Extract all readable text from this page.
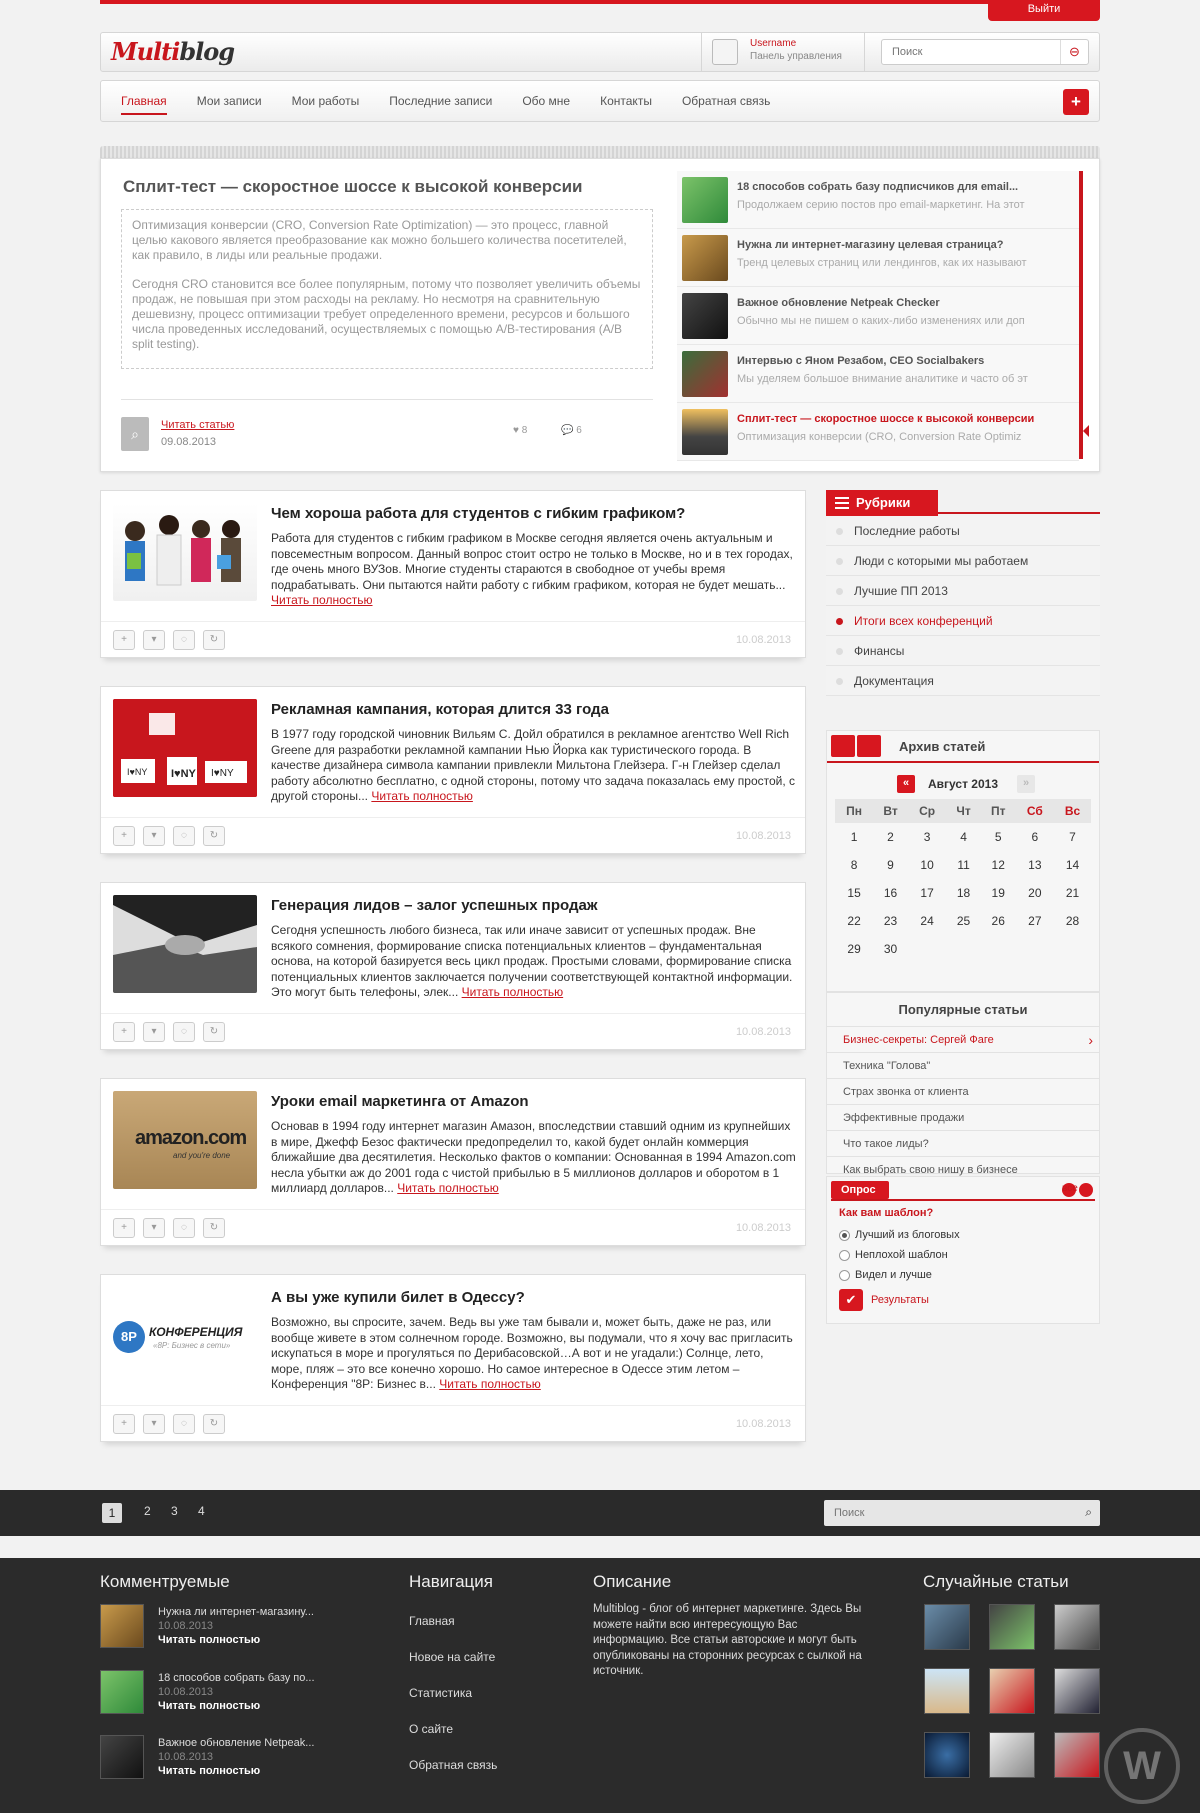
Выйти
Multiblog	Username
Панель управления
Поиск	⊖
Главная	Мои записи	Мои работы	Последние записи	Обо мне	Контакты	Обратная связь	+
Сплит-тест — скоростное шоссе к высокой конверсии

Оптимизация конверсии (CRO, Conversion Rate Optimization) — это процесс, главной целью какового является преобразование как можно большего количества посетителей, как правило, в лиды или реальные продажи.

Сегодня CRO становится все более популярным, потому что позволяет увеличить объемы продаж, не повышая при этом расходы на рекламу. Но несмотря на сравнительную дешевизну, процесс оптимизации требует определенного времени, ресурсов и большого числа проведенных исследований, осуществляемых с помощью A/B-тестирования (A/B split testing).

⌕
Читать статью
09.08.2013
♥ 8	💬 6
18 способов собрать базу подписчиков для email...
Продолжаем серию постов про email-маркетинг. На этот
Нужна ли интернет-магазину целевая страница?
Тренд целевых страниц или лендингов, как их называют
Важное обновление Netpeak Checker
Обычно мы не пишем о каких-либо изменениях или доп
Интервью с Яном Резабом, CEO Socialbakers
Мы уделяем большое внимание аналитике и часто об эт
Сплит-тест — скоростное шоссе к высокой конверсии
Оптимизация конверсии (CRO, Conversion Rate Optimiz
Чем хороша работа для студентов с гибким графиком?
Работа для студентов с гибким графиком в Москве сегодня является очень актуальным и повсеместным вопросом. Данный вопрос стоит остро не только в Москве, но и в тех городах, где очень много ВУЗов. Многие студенты стараются в свободное от учебы время подрабатывать. Они пытаются найти работу с гибким графиком, которая не будет мешать... Читать полностью
+	▾	◌	↻	10.08.2013
I♥NY I♥NY I♥NY
Рекламная кампания, которая длится 33 года
В 1977 году городской чиновник Вильям С. Дойл обратился в рекламное агентство Well Rich Greene для разработки рекламной кампании Нью Йорка как туристического города. В качестве дизайнера символа кампании привлекли Мильтона Глейзера. Г-н Глейзер сделал работу абсолютно бесплатно, с одной стороны, потому что задача показалась ему простой, с другой стороны... Читать полностью
+	▾	◌	↻	10.08.2013
Генерация лидов – залог успешных продаж
Сегодня успешность любого бизнеса, так или иначе зависит от успешных продаж. Вне всякого сомнения, формирование списка потенциальных клиентов – фундаментальная основа, на которой базируется весь цикл продаж. Простыми словами, формирование списка потенциальных клиентов заключается получении соответствующей контактной информации. Это могут быть телефоны, элек... Читать полностью
+	▾	◌	↻	10.08.2013
amazon.com
and you're done
Уроки email маркетинга от Amazon
Основав в 1994 году интернет магазин Амазон, впоследствии ставший одним из крупнейших в мире, Джефф Безос фактически предопределил то, какой будет онлайн коммерция ближайшие два десятилетия. Несколько фактов о компании: Основанная в 1994 Amazon.com несла убытки аж до 2001 года с чистой прибылью в 5 миллионов долларов и оборотом в 1 миллиард долларов... Читать полностью
+	▾	◌	↻	10.08.2013
8P	КОНФЕРЕНЦИЯ
«8P: Бизнес в сети»
А вы уже купили билет в Одессу?
Возможно, вы спросите, зачем. Ведь вы уже там бывали и, может быть, даже не раз, или вообще живете в этом солнечном городе. Возможно, вы подумали, что я хочу вас пригласить искупаться в море и прогуляться по Дерибасовской…А вот и не угадали:) Солнце, лето, море, пляж – это все конечно хорошо. Но самое интересное в Одессе этим летом – Конференция "8P: Бизнес в... Читать полностью
+	▾	◌	↻	10.08.2013
Рубрики
Последние работы
Люди с которыми мы работаем
Лучшие ПП 2013
Итоги всех конференций
Финансы
Документация
Архив статей
«	Август 2013	»
Пн	Вт	Ср	Чт	Пт	Сб	Вс
1	2	3	4	5	6	7
8	9	10	11	12	13	14
15	16	17	18	19	20	21
22	23	24	25	26	27	28
29	30					
Популярные статьи
Бизнес-секреты: Сергей Фаге ›
Техника "Голова"
Страх звонка от клиента
Эффективные продажи
Что такое лиды?
Как выбрать свою нишу в бизнесе
Опрос	все
Как вам шаблон?
Лучший из блоговых
Неплохой шаблон
Видел и лучше
✔ Результаты
1	2 3 4
Поиск	⌕
Комментруемые	Навигация	Описание	Случайные статьи
Нужна ли интернет-магазину...
10.08.2013
Читать полностью
18 способов собрать базу по...
10.08.2013
Читать полностью
Важное обновление Netpeak...
10.08.2013
Читать полностью
Главная
Новое на сайте
Статистика
О сайте
Обратная связь
Multiblog - блог об интернет маркетинге. Здесь Вы можете найти всю интересующую Вас информацию. Все статьи авторские и могут быть опубликованы на сторонних ресурсах с сылкой на источник.
W
